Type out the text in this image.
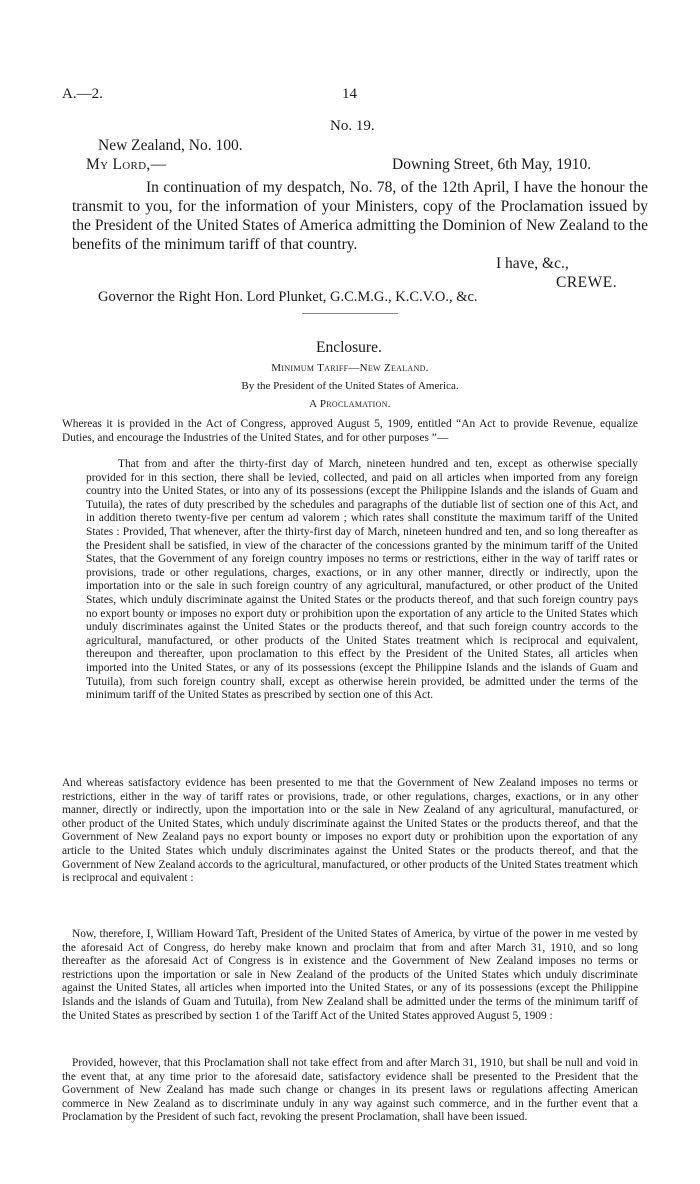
A.—2.	14
No. 19.
New Zealand, No. 100.
My Lord,—	Downing Street, 6th May, 1910.

In continuation of my despatch, No. 78, of the 12th April, I have the honour the transmit to you, for the information of your Ministers, copy of the Proclamation issued by the President of the United States of America admitting the Dominion of New Zealand to the benefits of the minimum tariff of that country.

I have, &c.,
CREWE.
Governor the Right Hon. Lord Plunket, G.C.M.G., K.C.V.O., &c.
Enclosure.
Minimum Tariff—New Zealand.
By the President of the United States of America.
A Proclamation.

Whereas it is provided in the Act of Congress, approved August 5, 1909, entitled “An Act to provide Revenue, equalize Duties, and encourage the Industries of the United States, and for other purposes ”—

That from and after the thirty-first day of March, nineteen hundred and ten, except as otherwise specially provided for in this section, there shall be levied, collected, and paid on all articles when imported from any foreign country into the United States, or into any of its possessions (except the Philippine Islands and the islands of Guam and Tutuila), the rates of duty prescribed by the schedules and paragraphs of the dutiable list of section one of this Act, and in addition thereto twenty-five per centum ad valorem ; which rates shall constitute the maximum tariff of the United States : Provided, That whenever, after the thirty-first day of March, nineteen hundred and ten, and so long thereafter as the President shall be satisfied, in view of the character of the concessions granted by the minimum tariff of the United States, that the Government of any foreign country imposes no terms or restrictions, either in the way of tariff rates or provisions, trade or other regulations, charges, exactions, or in any other manner, directly or indirectly, upon the importation into or the sale in such foreign country of any agricultural, manufactured, or other product of the United States, which unduly discriminate against the United States or the products thereof, and that such foreign country pays no export bounty or imposes no export duty or prohibition upon the exportation of any article to the United States which unduly discriminates against the United States or the products thereof, and that such foreign country accords to the agricultural, manufactured, or other products of the United States treatment which is reciprocal and equivalent, thereupon and thereafter, upon proclamation to this effect by the President of the United States, all articles when imported into the United States, or any of its possessions (except the Philippine Islands and the islands of Guam and Tutuila), from such foreign country shall, except as otherwise herein provided, be admitted under the terms of the minimum tariff of the United States as prescribed by section one of this Act.

And whereas satisfactory evidence has been presented to me that the Government of New Zealand imposes no terms or restrictions, either in the way of tariff rates or provisions, trade, or other regulations, charges, exactions, or in any other manner, directly or indirectly, upon the importation into or the sale in New Zealand of any agricultural, manufactured, or other product of the United States, which unduly discriminate against the United States or the products thereof, and that the Government of New Zealand pays no export bounty or imposes no export duty or prohibition upon the exportation of any article to the United States which unduly discriminates against the United States or the products thereof, and that the Government of New Zealand accords to the agricultural, manufactured, or other products of the United States treatment which is reciprocal and equivalent :

Now, therefore, I, William Howard Taft, President of the United States of America, by virtue of the power in me vested by the aforesaid Act of Congress, do hereby make known and proclaim that from and after March 31, 1910, and so long thereafter as the aforesaid Act of Congress is in existence and the Government of New Zealand imposes no terms or restrictions upon the importation or sale in New Zealand of the products of the United States which unduly discriminate against the United States, all articles when imported into the United States, or any of its possessions (except the Philippine Islands and the islands of Guam and Tutuila), from New Zealand shall be admitted under the terms of the minimum tariff of the United States as prescribed by section 1 of the Tariff Act of the United States approved August 5, 1909 :

Provided, however, that this Proclamation shall not take effect from and after March 31, 1910, but shall be null and void in the event that, at any time prior to the aforesaid date, satisfactory evidence shall be presented to the President that the Government of New Zealand has made such change or changes in its present laws or regulations affecting American commerce in New Zealand as to discriminate unduly in any way against such commerce, and in the further event that a Proclamation by the President of such fact, revoking the present Proclamation, shall have been issued.
